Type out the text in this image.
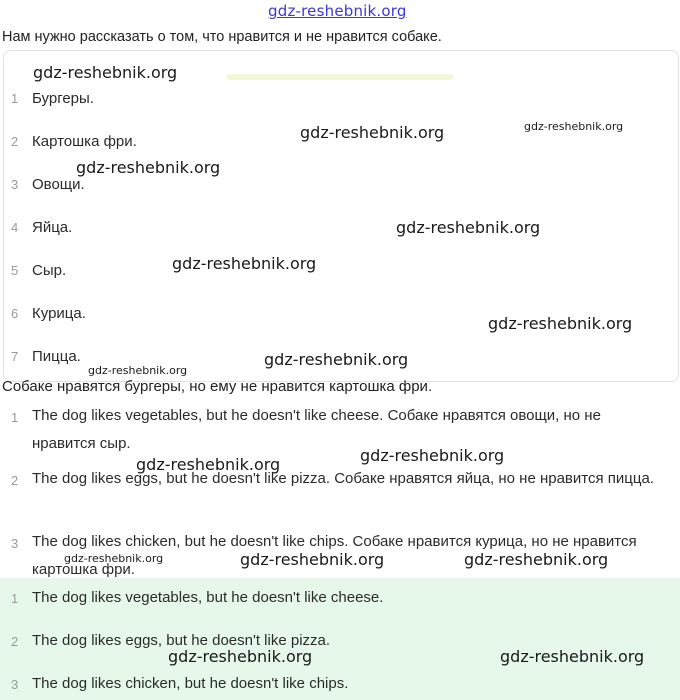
gdz-reshebnik.org
Нам нужно рассказать о том, что нравится и не нравится собаке.
1 Бургеры.
2 Картошка фри.
3 Овощи.
4 Яйца.
5 Сыр.
6 Курица.
7 Пицца.
Собаке нравятся бургеры, но ему не нравится картошка фри.
1 The dog likes vegetables, but he doesn't like cheese. Собаке нравятся овощи, но не нравится сыр.
2 The dog likes eggs, but he doesn't like pizza. Собаке нравятся яйца, но не нравится пицца.
3 The dog likes chicken, but he doesn't like chips. Собаке нравится курица, но не нравится картошка фри.
1 The dog likes vegetables, but he doesn't like cheese.
2 The dog likes eggs, but he doesn't like pizza.
3 The dog likes chicken, but he doesn't like chips.
gdz-reshebnik.org
gdz-reshebnik.org	gdz-reshebnik.org
gdz-reshebnik.org
gdz-reshebnik.org
gdz-reshebnik.org
gdz-reshebnik.org
gdz-reshebnik.org
gdz-reshebnik.org
gdz-reshebnik.org	gdz-reshebnik.org
gdz-reshebnik.org	gdz-reshebnik.org	gdz-reshebnik.org
gdz-reshebnik.org	gdz-reshebnik.org
